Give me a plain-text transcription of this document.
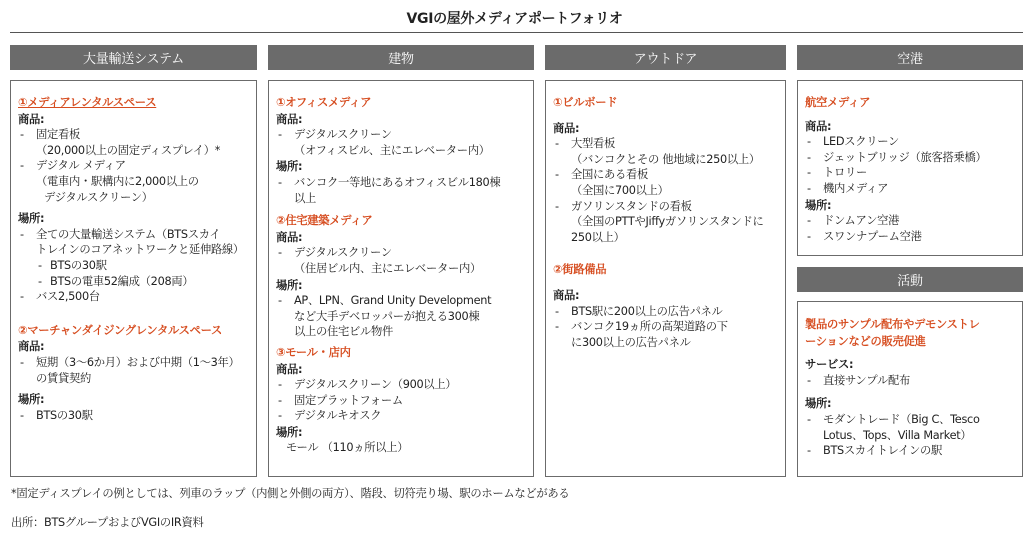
VGIの屋外メディアポートフォリオ
大量輸送システム	建物	アウトドア	空港
活動
①メディアレンタルスペース
商品:
- 固定看板
（20,000以上の固定ディスプレイ）*
- デジタル メディア
（電車内・駅構内に2,000以上の
デジタルスクリーン）
場所:
- 全ての大量輸送システム（BTSスカイ
トレインのコアネットワークと延伸路線）
- BTSの30駅
- BTSの電車52編成（208両）
- バス2,500台
②マーチャンダイジングレンタルスペース
商品:
- 短期（3～6か月）および中期（1～3年）
の賃貸契約
場所:
- BTSの30駅
①オフィスメディア
商品:
- デジタルスクリーン
（オフィスビル、主にエレベーター内）
場所:
- バンコク一等地にあるオフィスビル180棟
以上
②住宅建築メディア
商品:
- デジタルスクリーン
（住居ビル内、主にエレベーター内）
場所:
- AP、LPN、Grand Unity Development
など大手デベロッパーが抱える300棟
以上の住宅ビル物件
③モール・店内
商品:
- デジタルスクリーン（900以上）
- 固定プラットフォーム
- デジタルキオスク
場所:
モール （110ヵ所以上）
①ビルボード
商品:
- 大型看板
（バンコクとその 他地域に250以上）
- 全国にある看板
（全国に700以上）
- ガソリンスタンドの看板
（全国のPTTやJiffyガソリンスタンドに
250以上）
②街路備品
商品:
- BTS駅に200以上の広告パネル
- バンコク19ヵ所の高架道路の下
に300以上の広告パネル
航空メディア
商品:
- LEDスクリーン
- ジェットブリッジ（旅客搭乗橋）
- トロリー
- 機内メディア
場所:
- ドンムアン空港
- スワンナプーム空港
製品のサンプル配布やデモンストレ
ーションなどの販売促進
サービス:
- 直接サンプル配布
場所:
- モダントレード（Big C、Tesco
Lotus、Tops、Villa Market）
- BTSスカイトレインの駅
*固定ディスプレイの例としては、列車のラップ（内側と外側の両方）、階段、切符売り場、駅のホームなどがある
出所：BTSグループおよびVGIのIR資料
